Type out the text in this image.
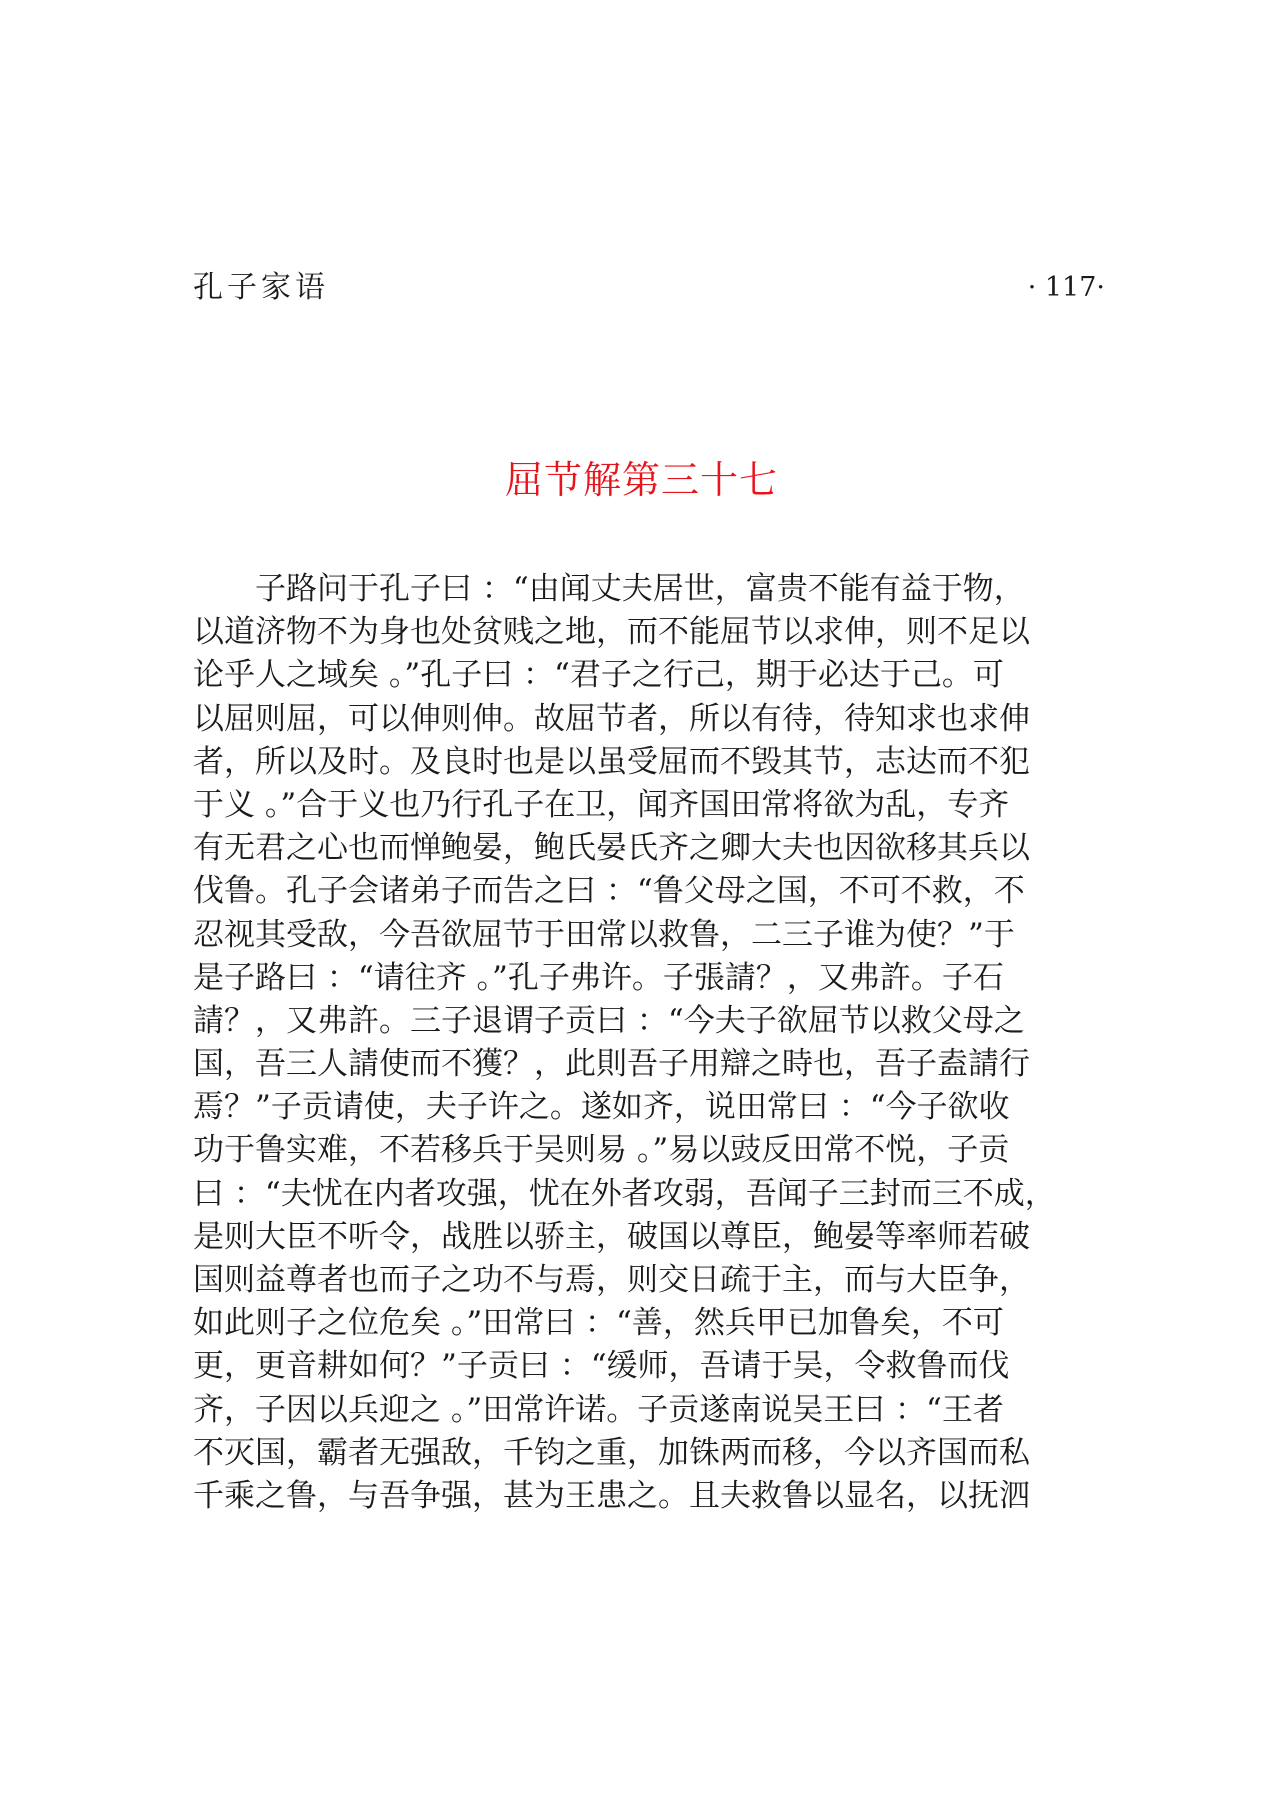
孔子家语	· 117·
屈节解第三十七
　　子路问于孔子曰 ：“由闻丈夫居世，富贵不能有益于物，
以道济物不为身也处贫贱之地，而不能屈节以求伸，则不足以
论乎人之域矣 。”孔子曰 ：“君子之行己，期于必达于己。可
以屈则屈，可以伸则伸。故屈节者，所以有待，待知求也求伸
者，所以及时。及良时也是以虽受屈而不毁其节，志达而不犯
于义 。”合于义也乃行孔子在卫，闻齐国田常将欲为乱，专齐
有无君之心也而惮鲍晏，鲍氏晏氏齐之卿大夫也因欲移其兵以
伐鲁。孔子会诸弟子而告之曰 ：“鲁父母之国，不可不救，不
忍视其受敌，今吾欲屈节于田常以救鲁，二三子谁为使？”于
是子路曰 ：“请往齐 。”孔子弗许。子張請？，又弗許。子石
請？，又弗許。三子退谓子贡曰 ：“今夫子欲屈节以救父母之
国，吾三人請使而不獲？，此則吾子用辯之時也，吾子盍請行
焉？”子贡请使，夫子许之。遂如齐，说田常曰 ：“今子欲收
功于鲁实难，不若移兵于吴则易 。”易以豉反田常不悦，子贡
曰 ：“夫忧在内者攻强，忧在外者攻弱，吾闻子三封而三不成，
是则大臣不听令，战胜以骄主，破国以尊臣，鲍晏等率师若破
国则益尊者也而子之功不与焉，则交日疏于主，而与大臣争，
如此则子之位危矣 。”田常曰 ：“善，然兵甲已加鲁矣，不可
更，更音耕如何？”子贡曰 ：“缓师，吾请于吴，令救鲁而伐
齐，子因以兵迎之 。”田常许诺。子贡遂南说吴王曰 ：“王者
不灭国，霸者无强敌，千钧之重，加铢两而移，今以齐国而私
千乘之鲁，与吾争强，甚为王患之。且夫救鲁以显名，以抚泗
